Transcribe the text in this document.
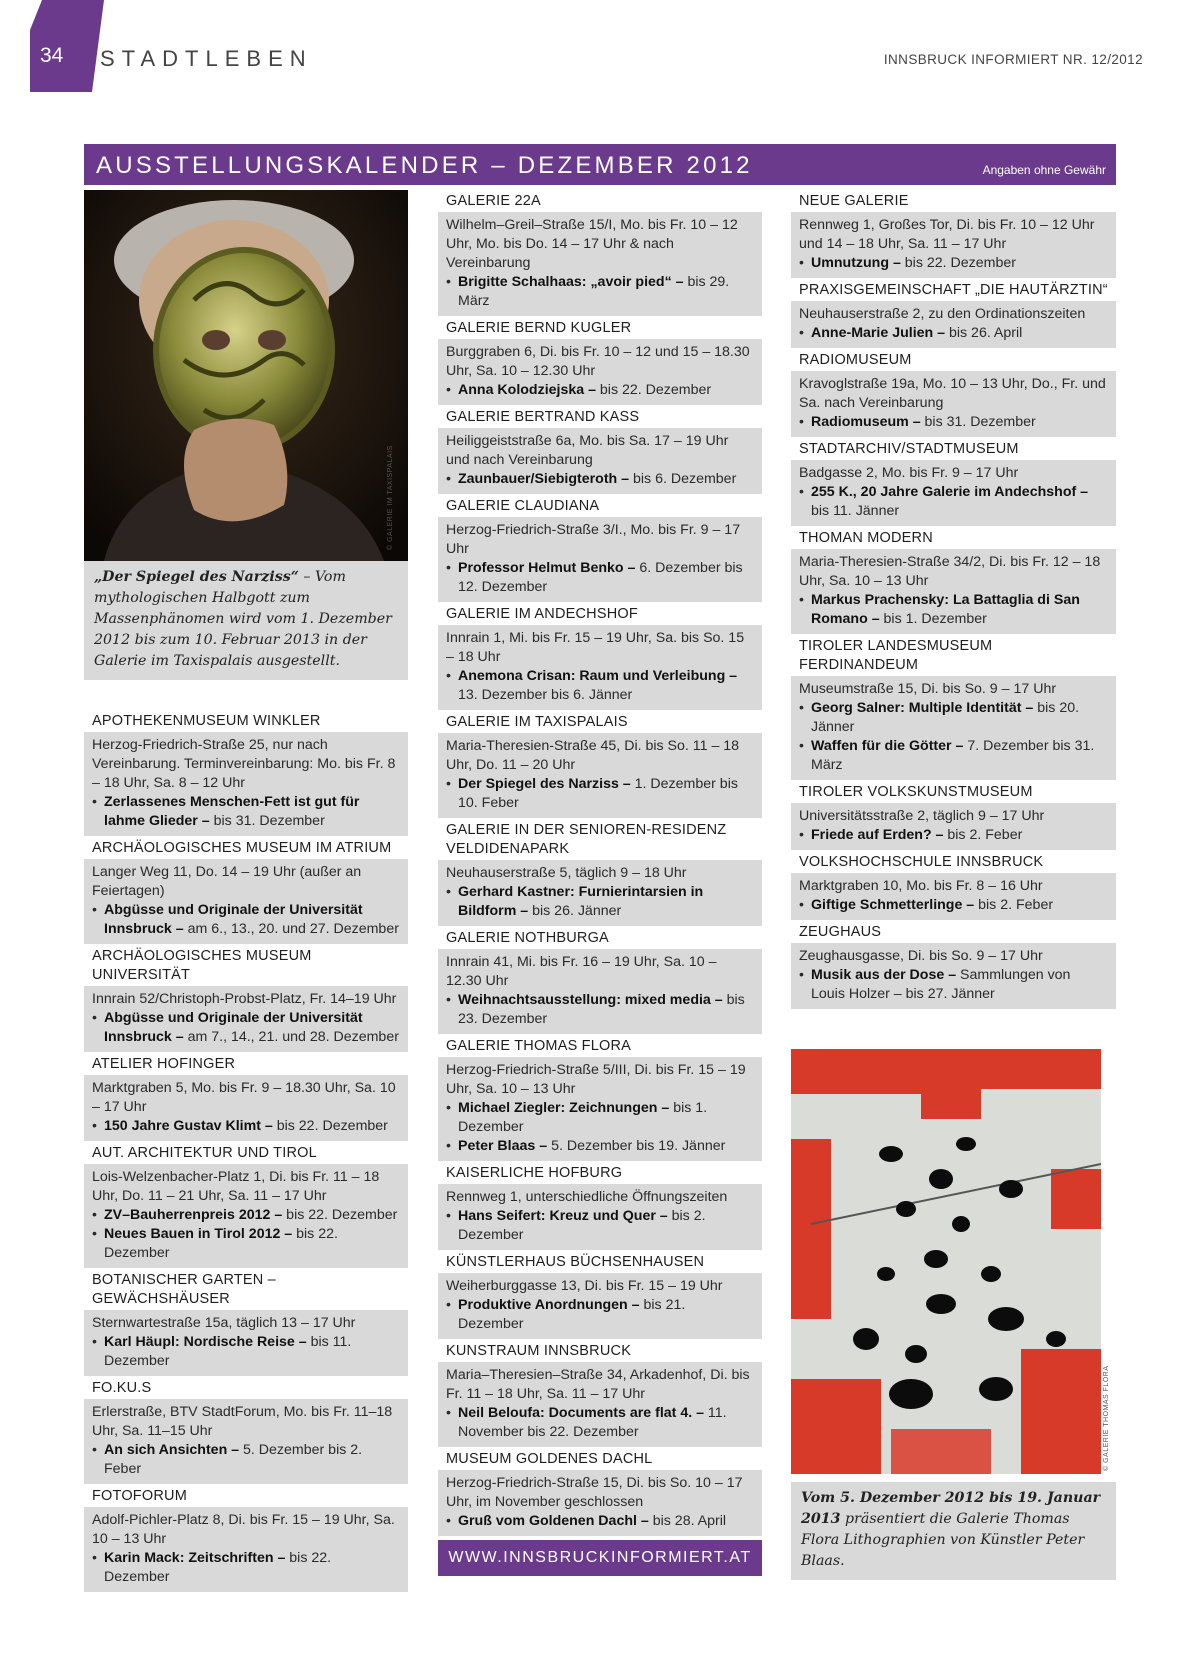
34	STADTLEBEN	INNSBRUCK INFORMIERT NR. 12/2012
AUSSTELLUNGSKALENDER – DEZEMBER 2012	Angaben ohne Gewähr
© GALERIE IM TAXISPALAIS
„Der Spiegel des Narziss“ – Vom mythologischen Halbgott zum Massenphänomen wird vom 1. Dezember 2012 bis zum 10. Februar 2013 in der Galerie im Taxispalais ausgestellt.
APOTHEKENMUSEUM WINKLER
Herzog-Friedrich-Straße 25, nur nach Vereinbarung. Terminvereinbarung: Mo. bis Fr. 8 – 18 Uhr, Sa. 8 – 12 Uhr
• Zerlassenes Menschen-Fett ist gut für lahme Glieder – bis 31. Dezember
ARCHÄOLOGISCHES MUSEUM IM ATRIUM
Langer Weg 11, Do. 14 – 19 Uhr (außer an Feiertagen)
• Abgüsse und Originale der Universität Innsbruck – am 6., 13., 20. und 27. Dezember
ARCHÄOLOGISCHES MUSEUM UNIVERSITÄT
Innrain 52/Christoph-Probst-Platz, Fr. 14–19 Uhr
• Abgüsse und Originale der Universität Innsbruck – am 7., 14., 21. und 28. Dezember
ATELIER HOFINGER
Marktgraben 5, Mo. bis Fr. 9 – 18.30 Uhr, Sa. 10 – 17 Uhr
• 150 Jahre Gustav Klimt – bis 22. Dezember
AUT. ARCHITEKTUR UND TIROL
Lois-Welzenbacher-Platz 1, Di. bis Fr. 11 – 18 Uhr, Do. 11 – 21 Uhr, Sa. 11 – 17 Uhr
• ZV–Bauherrenpreis 2012 – bis 22. Dezember
• Neues Bauen in Tirol 2012 – bis 22. Dezember
BOTANISCHER GARTEN – GEWÄCHSHÄUSER
Sternwartestraße 15a, täglich 13 – 17 Uhr
• Karl Häupl: Nordische Reise – bis 11. Dezember
FO.KU.S
Erlerstraße, BTV StadtForum, Mo. bis Fr. 11–18 Uhr, Sa. 11–15 Uhr
• An sich Ansichten – 5. Dezember bis 2. Feber
FOTOFORUM
Adolf-Pichler-Platz 8, Di. bis Fr. 15 – 19 Uhr, Sa. 10 – 13 Uhr
• Karin Mack: Zeitschriften – bis 22. Dezember
GALERIE 22A
Wilhelm–Greil–Straße 15/I, Mo. bis Fr. 10 – 12 Uhr, Mo. bis Do. 14 – 17 Uhr & nach Vereinbarung
• Brigitte Schalhaas: „avoir pied“ – bis 29. März
GALERIE BERND KUGLER
Burggraben 6, Di. bis Fr. 10 – 12 und 15 – 18.30 Uhr, Sa. 10 – 12.30 Uhr
• Anna Kolodziejska – bis 22. Dezember
GALERIE BERTRAND KASS
Heiliggeiststraße 6a, Mo. bis Sa. 17 – 19 Uhr und nach Vereinbarung
• Zaunbauer/Siebigteroth – bis 6. Dezember
GALERIE CLAUDIANA
Herzog-Friedrich-Straße 3/I., Mo. bis Fr. 9 – 17 Uhr
• Professor Helmut Benko – 6. Dezember bis 12. Dezember
GALERIE IM ANDECHSHOF
Innrain 1, Mi. bis Fr. 15 – 19 Uhr, Sa. bis So. 15 – 18 Uhr
• Anemona Crisan: Raum und Verleibung – 13. Dezember bis 6. Jänner
GALERIE IM TAXISPALAIS
Maria-Theresien-Straße 45, Di. bis So. 11 – 18 Uhr, Do. 11 – 20 Uhr
• Der Spiegel des Narziss – 1. Dezember bis 10. Feber
GALERIE IN DER SENIOREN-RESIDENZ VELDIDENAPARK
Neuhauserstraße 5, täglich 9 – 18 Uhr
• Gerhard Kastner: Furnierintarsien in Bildform – bis 26. Jänner
GALERIE NOTHBURGA
Innrain 41, Mi. bis Fr. 16 – 19 Uhr, Sa. 10 – 12.30 Uhr
• Weihnachtsausstellung: mixed media – bis 23. Dezember
GALERIE THOMAS FLORA
Herzog-Friedrich-Straße 5/III, Di. bis Fr. 15 – 19 Uhr, Sa. 10 – 13 Uhr
• Michael Ziegler: Zeichnungen – bis 1. Dezember
• Peter Blaas – 5. Dezember bis 19. Jänner
KAISERLICHE HOFBURG
Rennweg 1, unterschiedliche Öffnungszeiten
• Hans Seifert: Kreuz und Quer – bis 2. Dezember
KÜNSTLERHAUS BÜCHSENHAUSEN
Weiherburggasse 13, Di. bis Fr. 15 – 19 Uhr
• Produktive Anordnungen – bis 21. Dezember
KUNSTRAUM INNSBRUCK
Maria–Theresien–Straße 34, Arkadenhof, Di. bis Fr. 11 – 18 Uhr, Sa. 11 – 17 Uhr
• Neil Beloufa: Documents are flat 4. – 11. November bis 22. Dezember
MUSEUM GOLDENES DACHL
Herzog-Friedrich-Straße 15, Di. bis So. 10 – 17 Uhr, im November geschlossen
• Gruß vom Goldenen Dachl – bis 28. April
WWW.INNSBRUCKINFORMIERT.AT
NEUE GALERIE
Rennweg 1, Großes Tor, Di. bis Fr. 10 – 12 Uhr und 14 – 18 Uhr, Sa. 11 – 17 Uhr
• Umnutzung – bis 22. Dezember
PRAXISGEMEINSCHAFT „DIE HAUTÄRZTIN“
Neuhauserstraße 2, zu den Ordinationszeiten
• Anne-Marie Julien – bis 26. April
RADIOMUSEUM
Kravoglstraße 19a, Mo. 10 – 13 Uhr, Do., Fr. und Sa. nach Vereinbarung
• Radiomuseum – bis 31. Dezember
STADTARCHIV/STADTMUSEUM
Badgasse 2, Mo. bis Fr. 9 – 17 Uhr
• 255 K., 20 Jahre Galerie im Andechshof – bis 11. Jänner
THOMAN MODERN
Maria-Theresien-Straße 34/2, Di. bis Fr. 12 – 18 Uhr, Sa. 10 – 13 Uhr
• Markus Prachensky: La Battaglia di San Romano – bis 1. Dezember
TIROLER LANDESMUSEUM FERDINANDEUM
Museumstraße 15, Di. bis So. 9 – 17 Uhr
• Georg Salner: Multiple Identität – bis 20. Jänner
• Waffen für die Götter – 7. Dezember bis 31. März
TIROLER VOLKSKUNSTMUSEUM
Universitätsstraße 2, täglich 9 – 17 Uhr
• Friede auf Erden? – bis 2. Feber
VOLKSHOCHSCHULE INNSBRUCK
Marktgraben 10, Mo. bis Fr. 8 – 16 Uhr
• Giftige Schmetterlinge – bis 2. Feber
ZEUGHAUS
Zeughausgasse, Di. bis So. 9 – 17 Uhr
• Musik aus der Dose – Sammlungen von Louis Holzer – bis 27. Jänner
© GALERIE THOMAS FLORA
Vom 5. Dezember 2012 bis 19. Januar 2013 präsentiert die Galerie Thomas Flora Lithographien von Künstler Peter Blaas.
